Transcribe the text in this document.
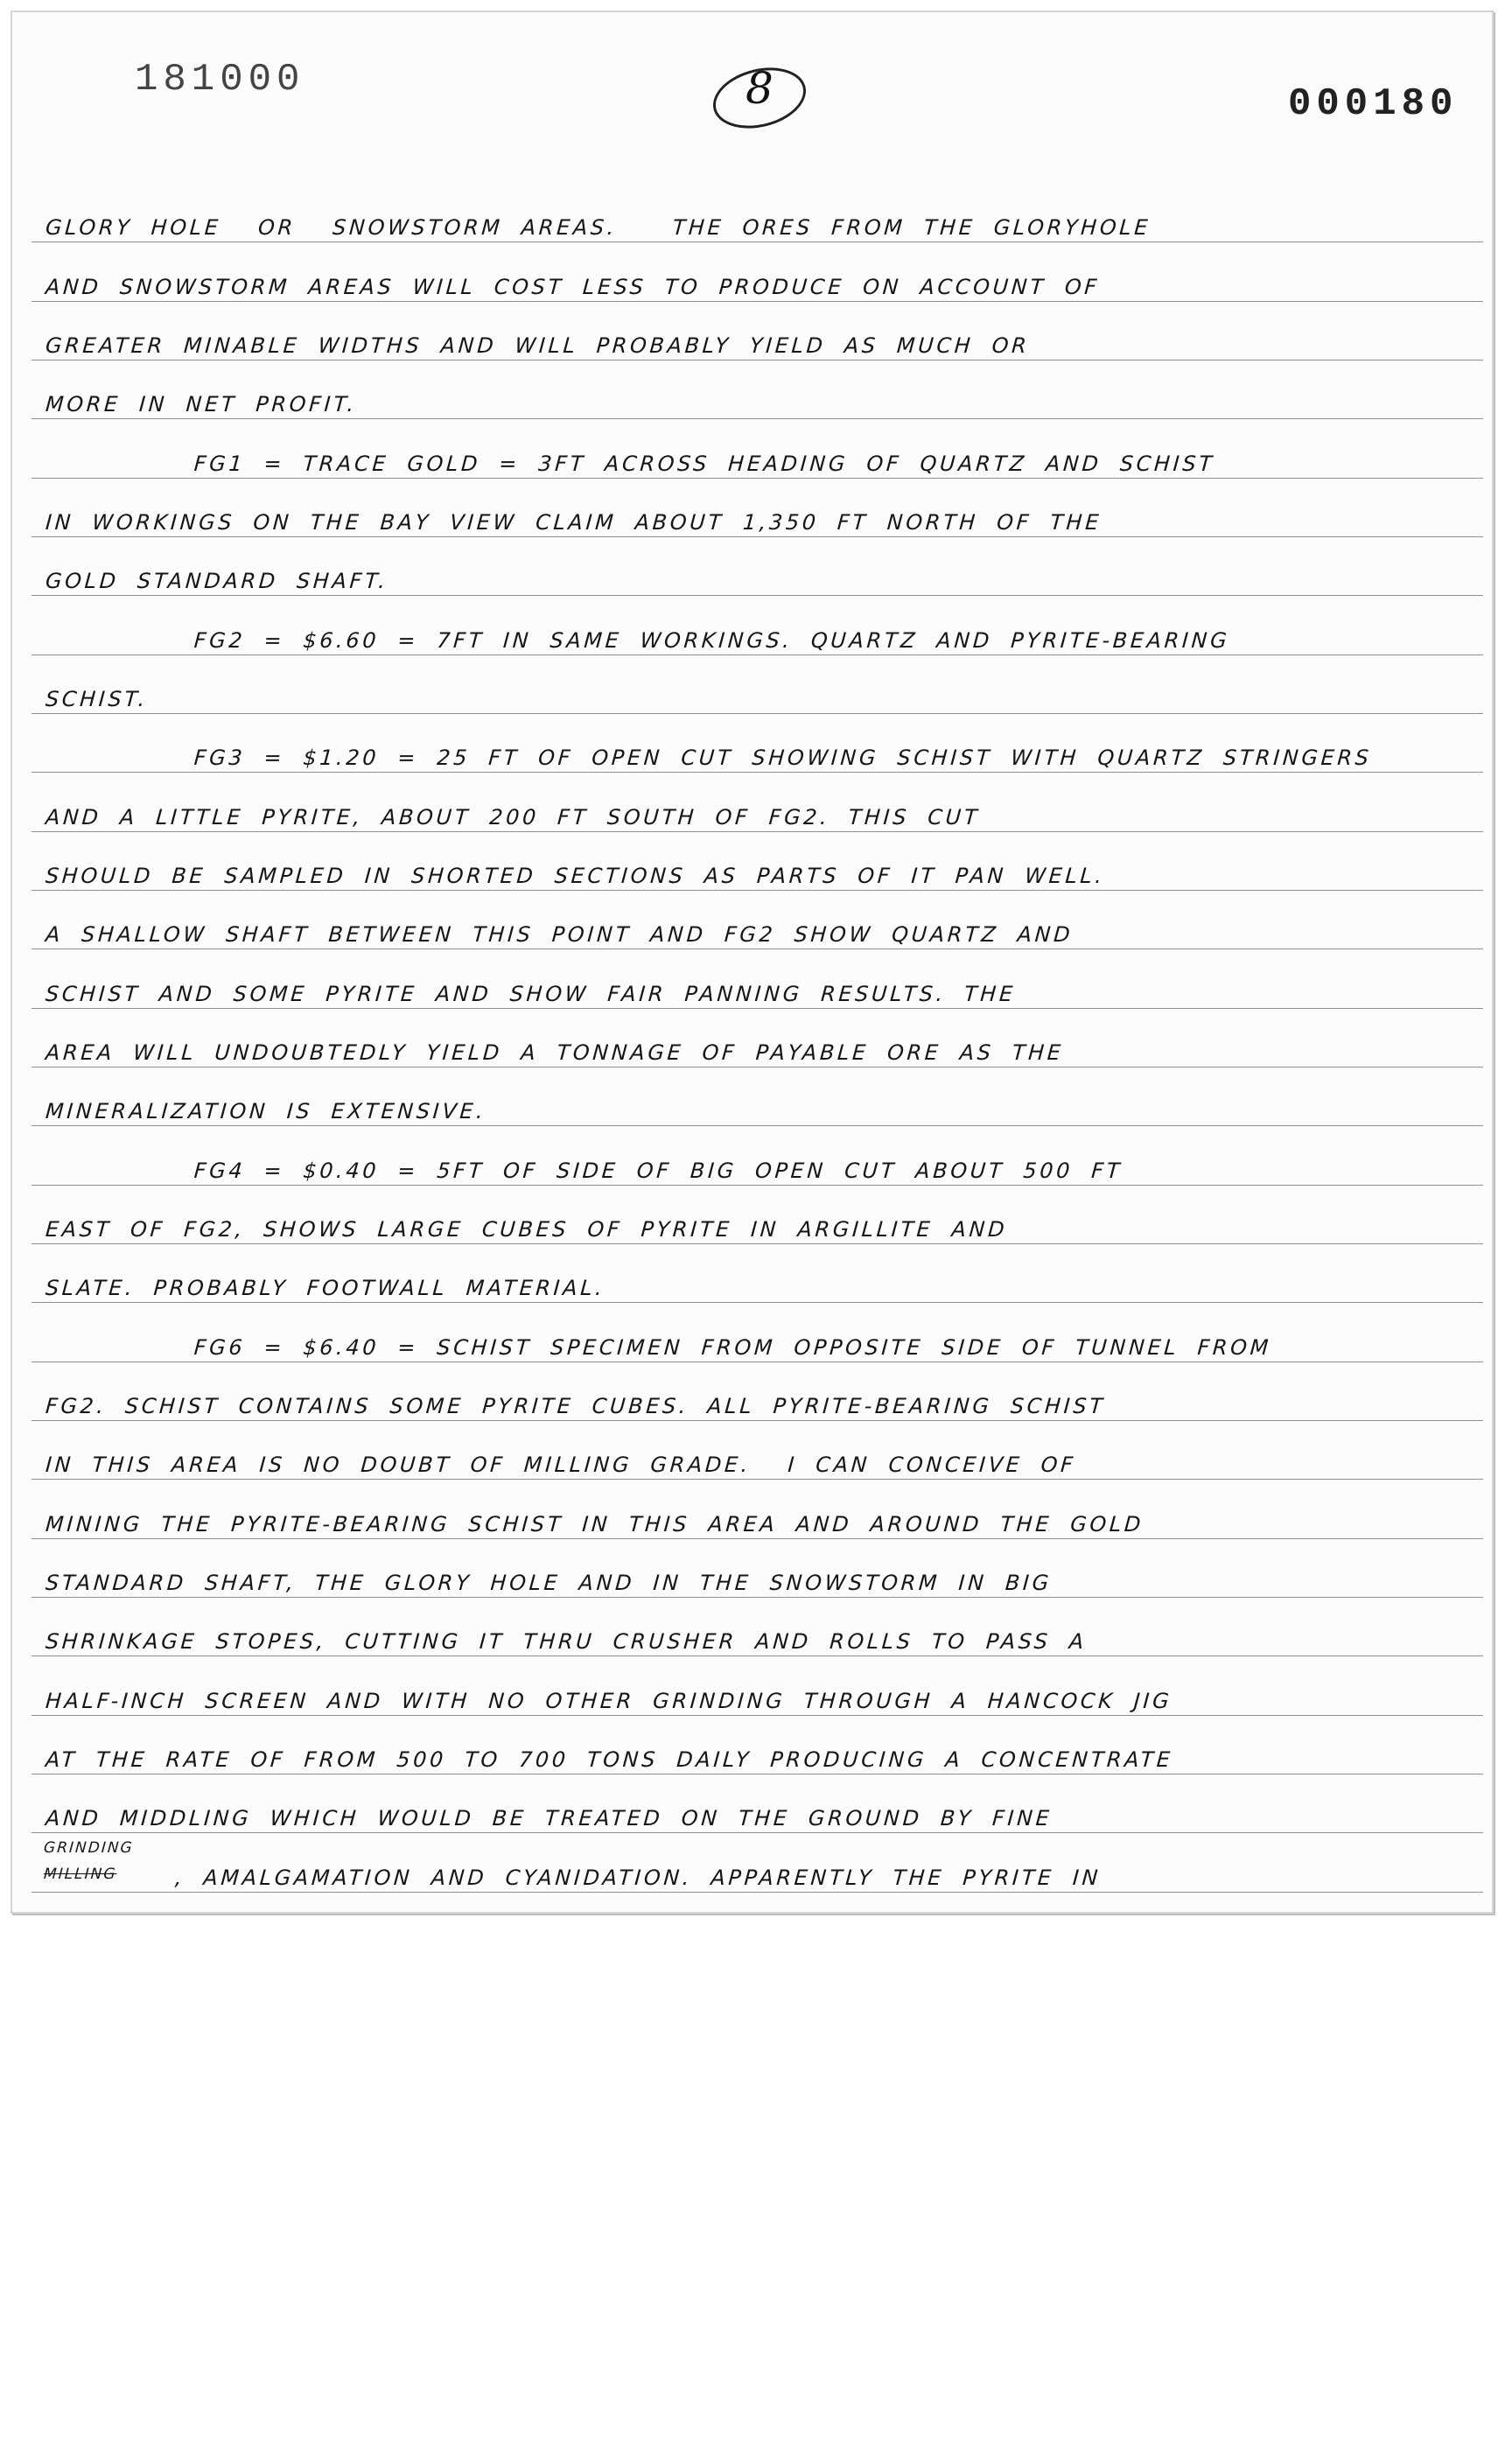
181000	8	000180
GLORY HOLE  OR  SNOWSTORM AREAS.   THE ORES FROM THE GLORYHOLE
AND SNOWSTORM AREAS WILL COST LESS TO PRODUCE ON ACCOUNT OF
GREATER MINABLE WIDTHS AND WILL PROBABLY YIELD AS MUCH OR
MORE IN NET PROFIT.
FG1 = TRACE GOLD = 3FT ACROSS HEADING OF QUARTZ AND SCHIST
IN WORKINGS ON THE BAY VIEW CLAIM ABOUT 1,350 FT NORTH OF THE
GOLD STANDARD SHAFT.
FG2 = $6.60 = 7FT IN SAME WORKINGS. QUARTZ AND PYRITE-BEARING
SCHIST.
FG3 = $1.20 = 25 FT OF OPEN CUT SHOWING SCHIST WITH QUARTZ STRINGERS
AND A LITTLE PYRITE, ABOUT 200 FT SOUTH OF FG2. THIS CUT
SHOULD BE SAMPLED IN SHORTED SECTIONS AS PARTS OF IT PAN WELL.
A SHALLOW SHAFT BETWEEN THIS POINT AND FG2 SHOW QUARTZ AND
SCHIST AND SOME PYRITE AND SHOW FAIR PANNING RESULTS. THE
AREA WILL UNDOUBTEDLY YIELD A TONNAGE OF PAYABLE ORE AS THE
MINERALIZATION IS EXTENSIVE.
FG4 = $0.40 = 5FT OF SIDE OF BIG OPEN CUT ABOUT 500 FT
EAST OF FG2, SHOWS LARGE CUBES OF PYRITE IN ARGILLITE AND
SLATE. PROBABLY FOOTWALL MATERIAL.
FG6 = $6.40 = SCHIST SPECIMEN FROM OPPOSITE SIDE OF TUNNEL FROM
FG2. SCHIST CONTAINS SOME PYRITE CUBES. ALL PYRITE-BEARING SCHIST
IN THIS AREA IS NO DOUBT OF MILLING GRADE.  I CAN CONCEIVE OF
MINING THE PYRITE-BEARING SCHIST IN THIS AREA AND AROUND THE GOLD
STANDARD SHAFT, THE GLORY HOLE AND IN THE SNOWSTORM IN BIG
SHRINKAGE STOPES, CUTTING IT THRU CRUSHER AND ROLLS TO PASS A
HALF-INCH SCREEN AND WITH NO OTHER GRINDING THROUGH A HANCOCK JIG
AT THE RATE OF FROM 500 TO 700 TONS DAILY PRODUCING A CONCENTRATE
AND MIDDLING WHICH WOULD BE TREATED ON THE GROUND BY FINE
GRINDING
MILLING	, AMALGAMATION AND CYANIDATION. APPARENTLY THE PYRITE IN
